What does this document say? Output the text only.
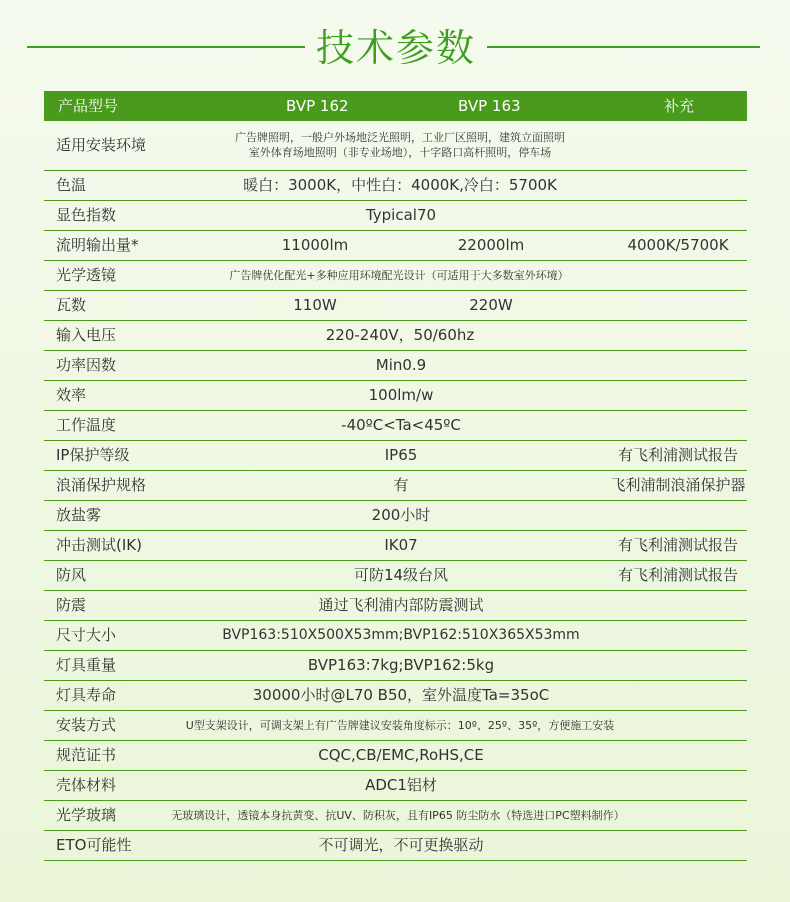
技术参数
产品型号	BVP 162	BVP 163	补充
适用安装环境	广告牌照明，一般户外场地泛光照明，工业厂区照明，建筑立面照明
室外体育场地照明（非专业场地），十字路口高杆照明，停车场
色温	暖白：3000K，中性白：4000K,冷白：5700K
显色指数	Typical70
流明输出量*	11000lm	22000lm	4000K/5700K
光学透镜	广告牌优化配光+多种应用环境配光设计（可适用于大多数室外环境）
瓦数	110W	220W
输入电压	220-240V，50/60hz
功率因数	Min0.9
效率	100lm/w
工作温度	-40ºC<Ta<45ºC
IP保护等级	IP65	有飞利浦测试报告
浪涌保护规格	有	飞利浦制浪涌保护器
放盐雾	200小时
冲击测试(IK)	IK07	有飞利浦测试报告
防风	可防14级台风	有飞利浦测试报告
防震	通过飞利浦内部防震测试
尺寸大小	BVP163:510X500X53mm;BVP162:510X365X53mm
灯具重量	BVP163:7kg;BVP162:5kg
灯具寿命	30000小时@L70 B50，室外温度Ta=35oC
安装方式	U型支架设计，可调支架上有广告牌建议安装角度标示：10º、25º、35º，方便施工安装
规范证书	CQC,CB/EMC,RoHS,CE
壳体材料	ADC1铝材
光学玻璃	无玻璃设计，透镜本身抗黄变、抗UV、防积灰，且有IP65 防尘防水（特选进口PC塑料制作）
ETO可能性	不可调光，不可更换驱动
